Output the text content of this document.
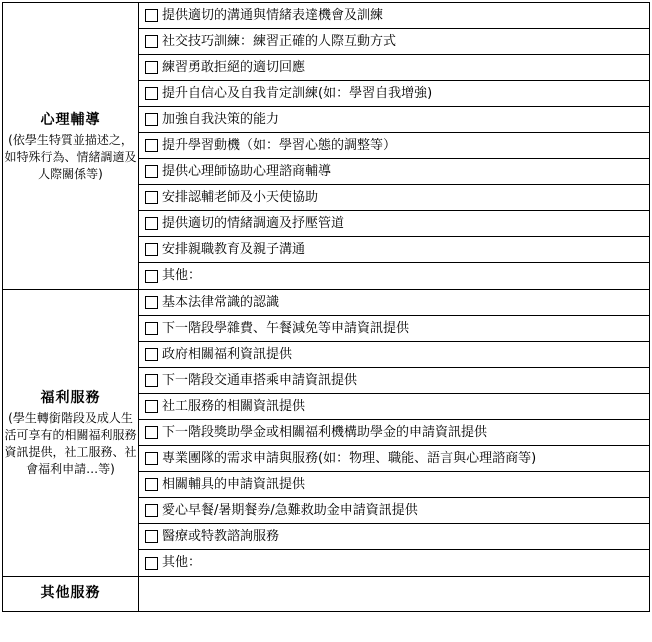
心理輔導
(依學生特質並描述之，如特殊行為、情緒調適及人際關係等)

提供適切的溝通與情緒表達機會及訓練
社交技巧訓練：練習正確的人際互動方式
練習勇敢拒絕的適切回應
提升自信心及自我肯定訓練(如：學習自我增強)
加強自我決策的能力
提升學習動機（如：學習心態的調整等）
提供心理師協助心理諮商輔導
安排認輔老師及小天使協助
提供適切的情緒調適及抒壓管道
安排親職教育及親子溝通
其他：

福利服務
(學生轉銜階段及成人生活可享有的相關福利服務資訊提供，社工服務、社會福利申請…等)

基本法律常識的認識
下一階段學雜費、午餐減免等申請資訊提供
政府相關福利資訊提供
下一階段交通車搭乘申請資訊提供
社工服務的相關資訊提供
下一階段獎助學金或相關福利機構助學金的申請資訊提供
專業團隊的需求申請與服務(如：物理、職能、語言與心理諮商等)
相關輔具的申請資訊提供
愛心早餐/暑期餐券/急難救助金申請資訊提供
醫療或特教諮詢服務
其他：

其他服務	
